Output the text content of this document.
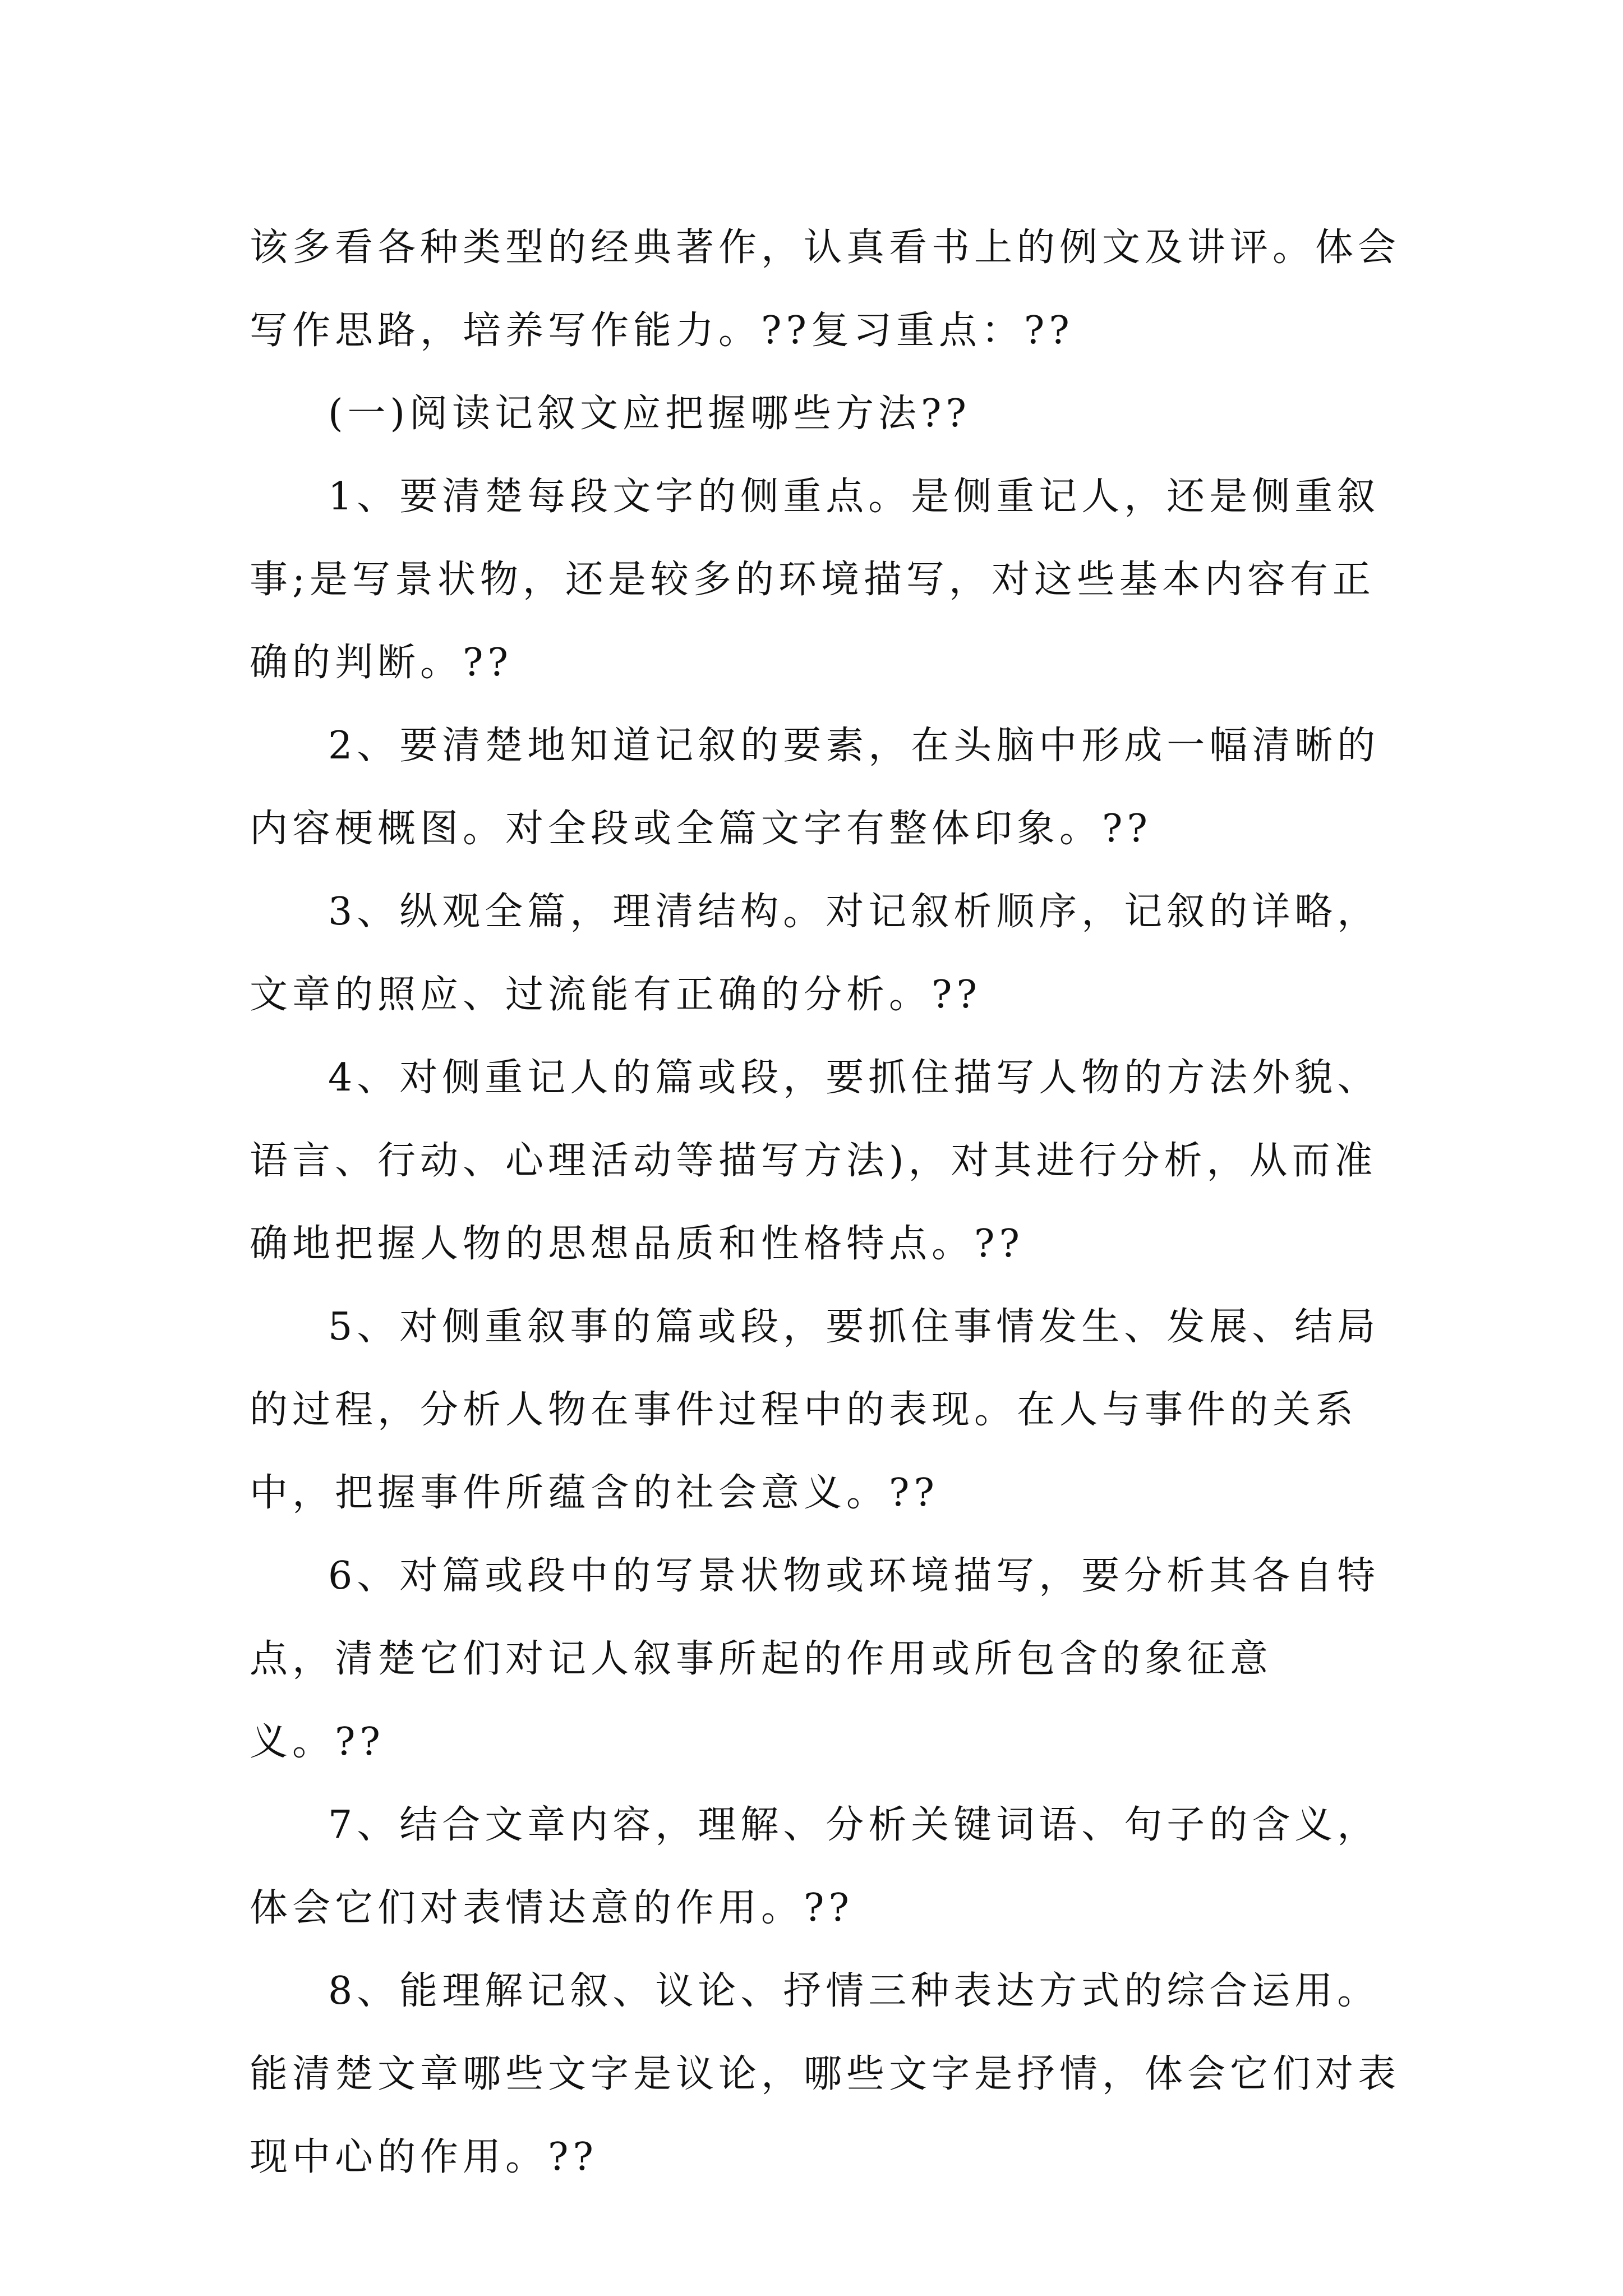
该多看各种类型的经典著作，认真看书上的例文及讲评。体会写作思路，培养写作能力。??复习重点：??

(一)阅读记叙文应把握哪些方法??

1、要清楚每段文字的侧重点。是侧重记人，还是侧重叙事;是写景状物，还是较多的环境描写，对这些基本内容有正确的判断。??

2、要清楚地知道记叙的要素，在头脑中形成一幅清晰的内容梗概图。对全段或全篇文字有整体印象。??

3、纵观全篇，理清结构。对记叙析顺序，记叙的详略，文章的照应、过流能有正确的分析。??

4、对侧重记人的篇或段，要抓住描写人物的方法外貌、语言、行动、心理活动等描写方法)，对其进行分析，从而准确地把握人物的思想品质和性格特点。??

5、对侧重叙事的篇或段，要抓住事情发生、发展、结局的过程，分析人物在事件过程中的表现。在人与事件的关系中，把握事件所蕴含的社会意义。??

6、对篇或段中的写景状物或环境描写，要分析其各自特点，清楚它们对记人叙事所起的作用或所包含的象征意义。??

7、结合文章内容，理解、分析关键词语、句子的含义，体会它们对表情达意的作用。??

8、能理解记叙、议论、抒情三种表达方式的综合运用。能清楚文章哪些文字是议论，哪些文字是抒情，体会它们对表现中心的作用。??
